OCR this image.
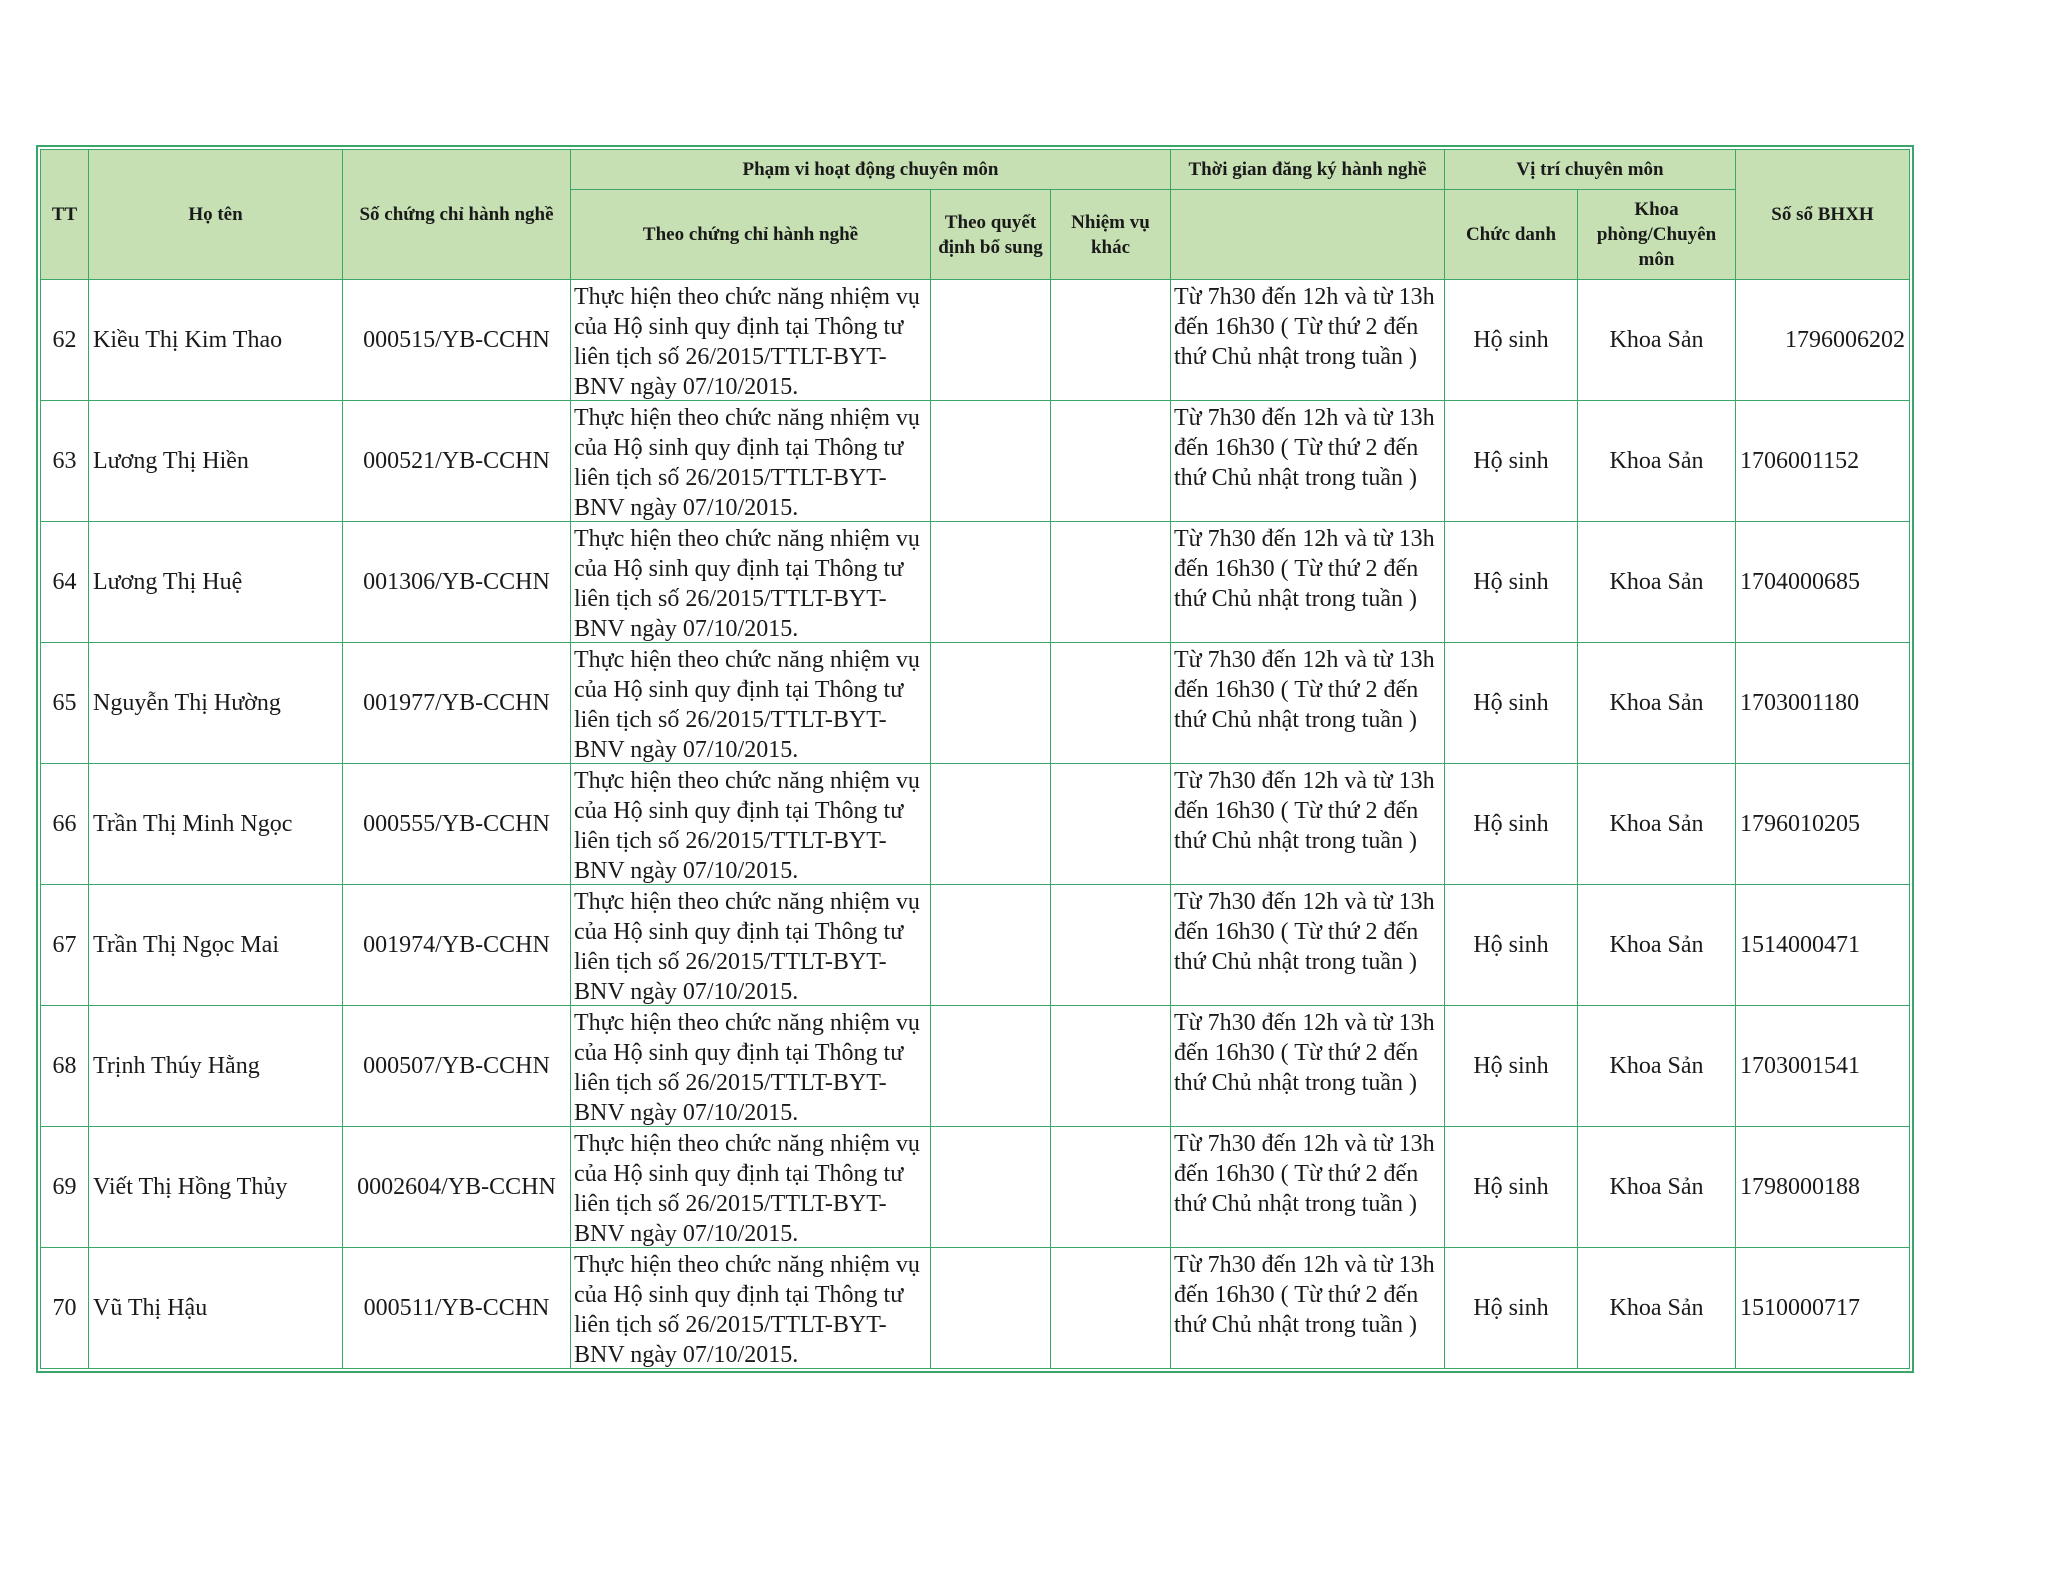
TT	Họ tên	Số chứng chỉ hành nghề	Phạm vi hoạt động chuyên môn			Thời gian đăng ký hành nghề	Vị trí chuyên môn		Số sổ BHXH
			Theo chứng chỉ hành nghề	Theo quyết định bổ sung	Nhiệm vụ khác		Chức danh	Khoa phòng/Chuyên môn	
62	Kiều Thị Kim Thao	000515/YB-CCHN	Thực hiện theo chức năng nhiệm vụ của Hộ sinh quy định tại Thông tư liên tịch số 26/2015/TTLT-BYT-BNV ngày 07/10/2015.			Từ 7h30 đến 12h và từ 13h đến 16h30 ( Từ thứ 2 đến thứ Chủ nhật trong tuần )	Hộ sinh	Khoa Sản	1796006202
63	Lương Thị Hiền	000521/YB-CCHN	Thực hiện theo chức năng nhiệm vụ của Hộ sinh quy định tại Thông tư liên tịch số 26/2015/TTLT-BYT-BNV ngày 07/10/2015.			Từ 7h30 đến 12h và từ 13h đến 16h30 ( Từ thứ 2 đến thứ Chủ nhật trong tuần )	Hộ sinh	Khoa Sản	1706001152
64	Lương Thị Huệ	001306/YB-CCHN	Thực hiện theo chức năng nhiệm vụ của Hộ sinh quy định tại Thông tư liên tịch số 26/2015/TTLT-BYT-BNV ngày 07/10/2015.			Từ 7h30 đến 12h và từ 13h đến 16h30 ( Từ thứ 2 đến thứ Chủ nhật trong tuần )	Hộ sinh	Khoa Sản	1704000685
65	Nguyễn Thị Hường	001977/YB-CCHN	Thực hiện theo chức năng nhiệm vụ của Hộ sinh quy định tại Thông tư liên tịch số 26/2015/TTLT-BYT-BNV ngày 07/10/2015.			Từ 7h30 đến 12h và từ 13h đến 16h30 ( Từ thứ 2 đến thứ Chủ nhật trong tuần )	Hộ sinh	Khoa Sản	1703001180
66	Trần Thị Minh Ngọc	000555/YB-CCHN	Thực hiện theo chức năng nhiệm vụ của Hộ sinh quy định tại Thông tư liên tịch số 26/2015/TTLT-BYT-BNV ngày 07/10/2015.			Từ 7h30 đến 12h và từ 13h đến 16h30 ( Từ thứ 2 đến thứ Chủ nhật trong tuần )	Hộ sinh	Khoa Sản	1796010205
67	Trần Thị Ngọc Mai	001974/YB-CCHN	Thực hiện theo chức năng nhiệm vụ của Hộ sinh quy định tại Thông tư liên tịch số 26/2015/TTLT-BYT-BNV ngày 07/10/2015.			Từ 7h30 đến 12h và từ 13h đến 16h30 ( Từ thứ 2 đến thứ Chủ nhật trong tuần )	Hộ sinh	Khoa Sản	1514000471
68	Trịnh Thúy Hằng	000507/YB-CCHN	Thực hiện theo chức năng nhiệm vụ của Hộ sinh quy định tại Thông tư liên tịch số 26/2015/TTLT-BYT-BNV ngày 07/10/2015.			Từ 7h30 đến 12h và từ 13h đến 16h30 ( Từ thứ 2 đến thứ Chủ nhật trong tuần )	Hộ sinh	Khoa Sản	1703001541
69	Viết Thị Hồng Thủy	0002604/YB-CCHN	Thực hiện theo chức năng nhiệm vụ của Hộ sinh quy định tại Thông tư liên tịch số 26/2015/TTLT-BYT-BNV ngày 07/10/2015.			Từ 7h30 đến 12h và từ 13h đến 16h30 ( Từ thứ 2 đến thứ Chủ nhật trong tuần )	Hộ sinh	Khoa Sản	1798000188
70	Vũ Thị Hậu	000511/YB-CCHN	Thực hiện theo chức năng nhiệm vụ của Hộ sinh quy định tại Thông tư liên tịch số 26/2015/TTLT-BYT-BNV ngày 07/10/2015.			Từ 7h30 đến 12h và từ 13h đến 16h30 ( Từ thứ 2 đến thứ Chủ nhật trong tuần )	Hộ sinh	Khoa Sản	1510000717
